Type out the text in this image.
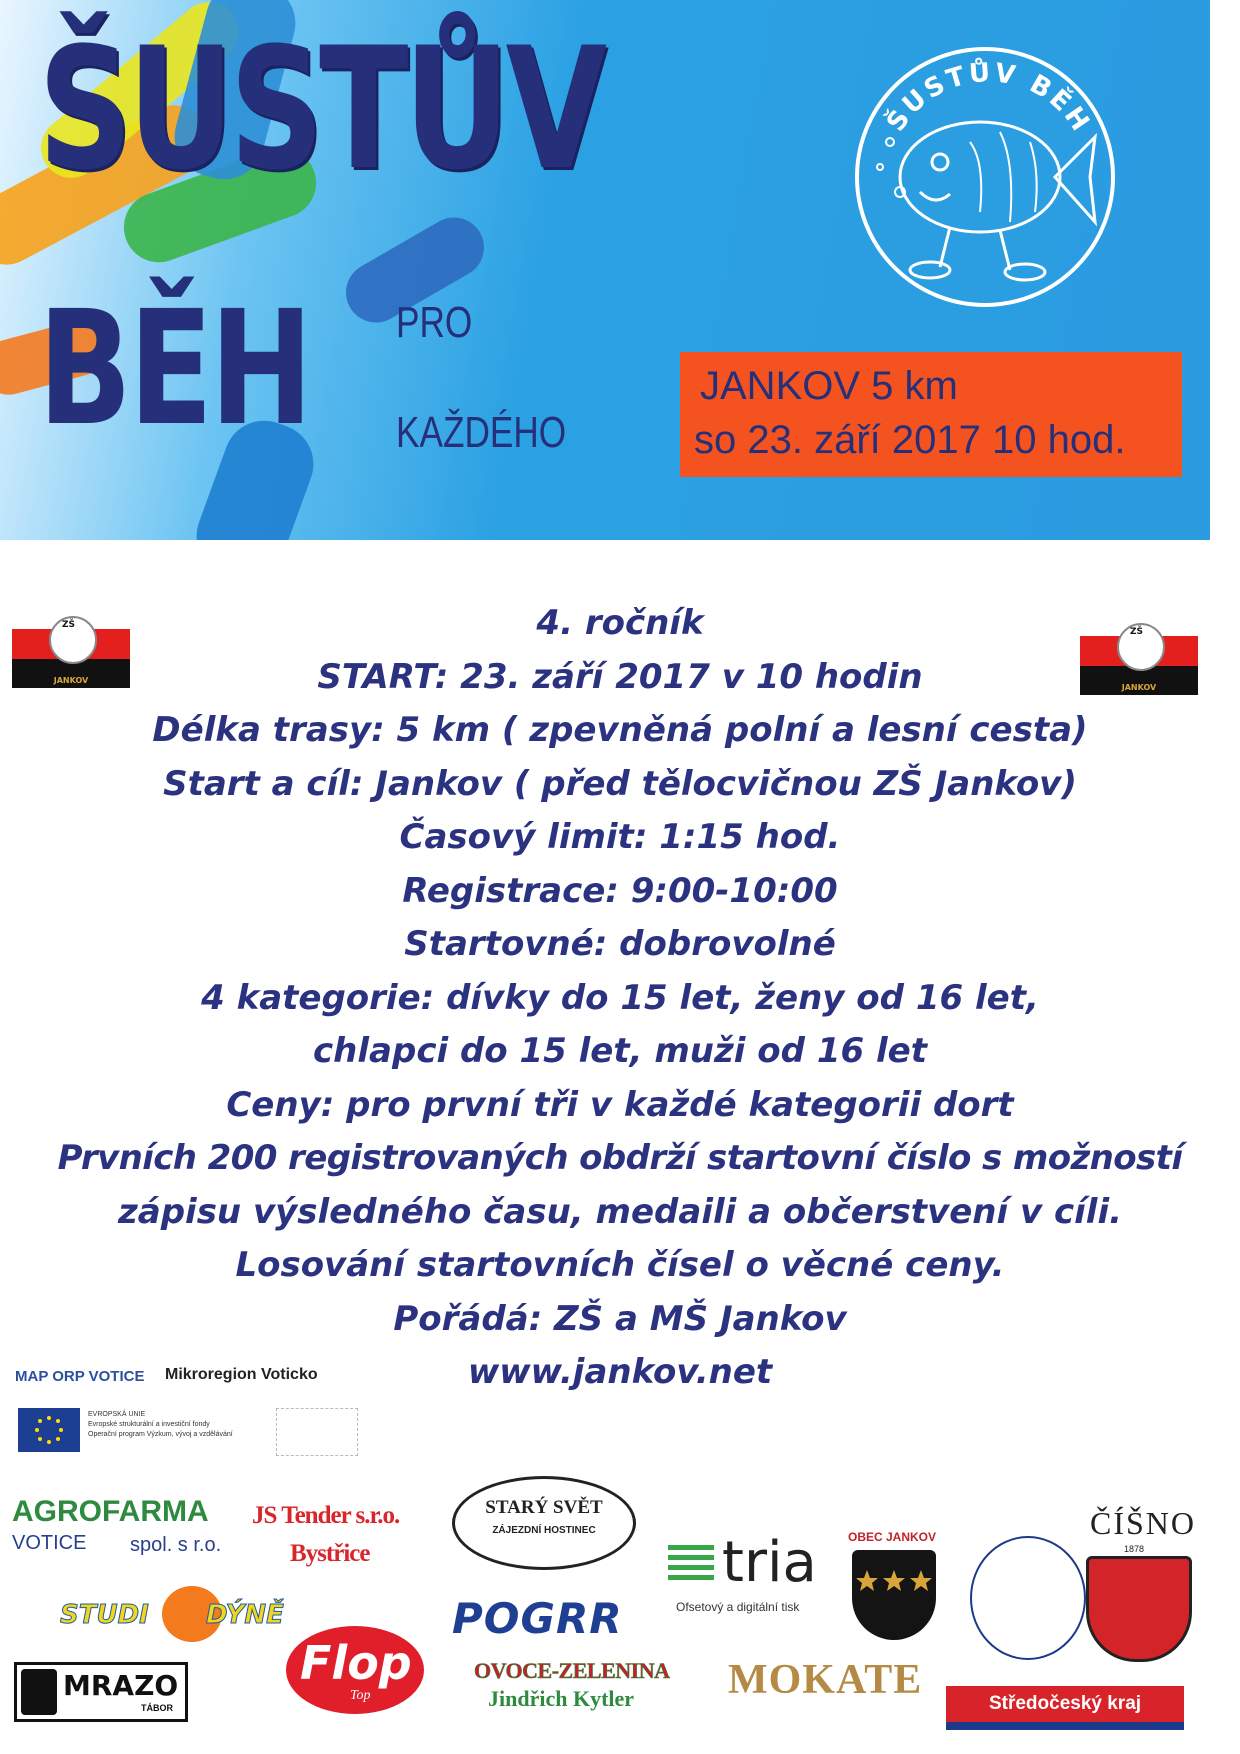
ŠUSTŮV
BĚH PRO
KAŽDÉHO
ŠUSTŮV BĚH
JANKOV 5 km
so 23. září 2017 10 hod.
ZŠ
JANKOV
ZŠ
JANKOV
4. ročník
START: 23. září 2017 v 10 hodin
Délka trasy: 5 km ( zpevněná polní a lesní cesta)
Start a cíl: Jankov ( před tělocvičnou ZŠ Jankov)
Časový limit: 1:15 hod.
Registrace: 9:00-10:00
Startovné: dobrovolné
4 kategorie: dívky do 15 let, ženy od 16 let,
chlapci do 15 let, muži od 16 let
Ceny: pro první tři v každé kategorii dort
Prvních 200 registrovaných obdrží startovní číslo s možností
zápisu výsledného času, medaili a občerstvení v cíli.
Losování startovních čísel o věcné ceny.
Pořádá: ZŠ a MŠ Jankov
www.jankov.net
MAP ORP VOTICE Mikroregion Voticko
EVROPSKÁ UNIE
Evropské strukturální a investiční fondy
Operační program Výzkum, vývoj a vzdělávání
AGROFARMA
VOTICE spol. s r.o.
JS Tender s.r.o.
Bystřice
STARÝ SVĚT
ZÁJEZDNÍ HOSTINEC	tria
Ofsetový a digitální tisk
OBEC JANKOV	ČÍŠNO
1878
STUDI DÝNĚ	POGRR
MRAZO
TÁBOR
Flop
Top
OVOCE-ZELENINA
Jindřich Kytler MOKATE
Středočeský kraj
